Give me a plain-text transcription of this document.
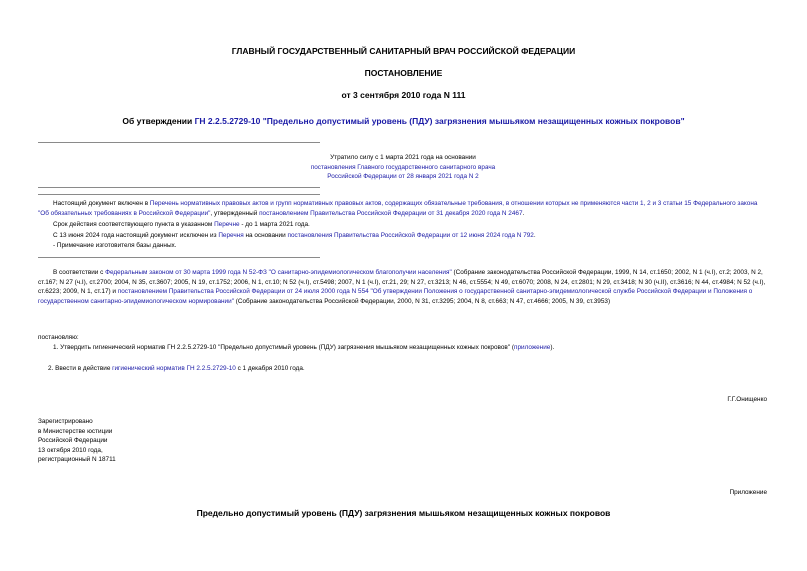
ГЛАВНЫЙ ГОСУДАРСТВЕННЫЙ САНИТАРНЫЙ ВРАЧ РОССИЙСКОЙ ФЕДЕРАЦИИ
ПОСТАНОВЛЕНИЕ
от 3 сентября 2010 года N 111
Об утверждении ГН 2.2.5.2729-10 "Предельно допустимый уровень (ПДУ) загрязнения мышьяком незащищенных кожных покровов"

Утратило силу с 1 марта 2021 года на основании

постановления Главного государственного санитарного врача

Российской Федерации от 28 января 2021 года N 2

Настоящий документ включен в Перечень нормативных правовых актов и групп нормативных правовых актов, содержащих обязательные требования, в отношении которых не применяются части 1, 2 и 3 статьи 15 Федерального закона "Об обязательных требованиях в Российской Федерации", утвержденный постановлением Правительства Российской Федерации от 31 декабря 2020 года N 2467.

Срок действия соответствующего пункта в указанном Перечне - до 1 марта 2021 года.

С 13 июня 2024 года настоящий документ исключен из Перечня на основании постановления Правительства Российской Федерации от 12 июня 2024 года N 792.

- Примечание изготовителя базы данных.

В соответствии с Федеральным законом от 30 марта 1999 года N 52-ФЗ "О санитарно-эпидемиологическом благополучии населения" (Собрание законодательства Российской Федерации, 1999, N 14, ст.1650; 2002, N 1 (ч.I), ст.2; 2003, N 2, ст.167; N 27 (ч.I), ст.2700; 2004, N 35, ст.3607; 2005, N 19, ст.1752; 2006, N 1, ст.10; N 52 (ч.I), ст.5498; 2007, N 1 (ч.I), ст.21, 29; N 27, ст.3213; N 46, ст.5554; N 49, ст.6070; 2008, N 24, ст.2801; N 29, ст.3418; N 30 (ч.II), ст.3616; N 44, ст.4984; N 52 (ч.I), ст.6223; 2009, N 1, ст.17) и постановлением Правительства Российской Федерации от 24 июля 2000 года N 554 "Об утверждении Положения о государственной санитарно-эпидемиологической службе Российской Федерации и Положения о государственном санитарно-эпидемиологическом нормировании" (Собрание законодательства Российской Федерации, 2000, N 31, ст.3295; 2004, N 8, ст.663; N 47, ст.4666; 2005, N 39, ст.3953)

постановляю:
1. Утвердить гигиенический норматив ГН 2.2.5.2729-10 "Предельно допустимый уровень (ПДУ) загрязнения мышьяком незащищенных кожных покровов" (приложение).
2. Ввести в действие гигиенический норматив ГН 2.2.5.2729-10 с 1 декабря 2010 года.
Г.Г.Онищенко

Зарегистрировано

в Министерстве юстиции

Российской Федерации

13 октября 2010 года,

регистрационный N 18711

Приложение
Предельно допустимый уровень (ПДУ) загрязнения мышьяком незащищенных кожных покровов
